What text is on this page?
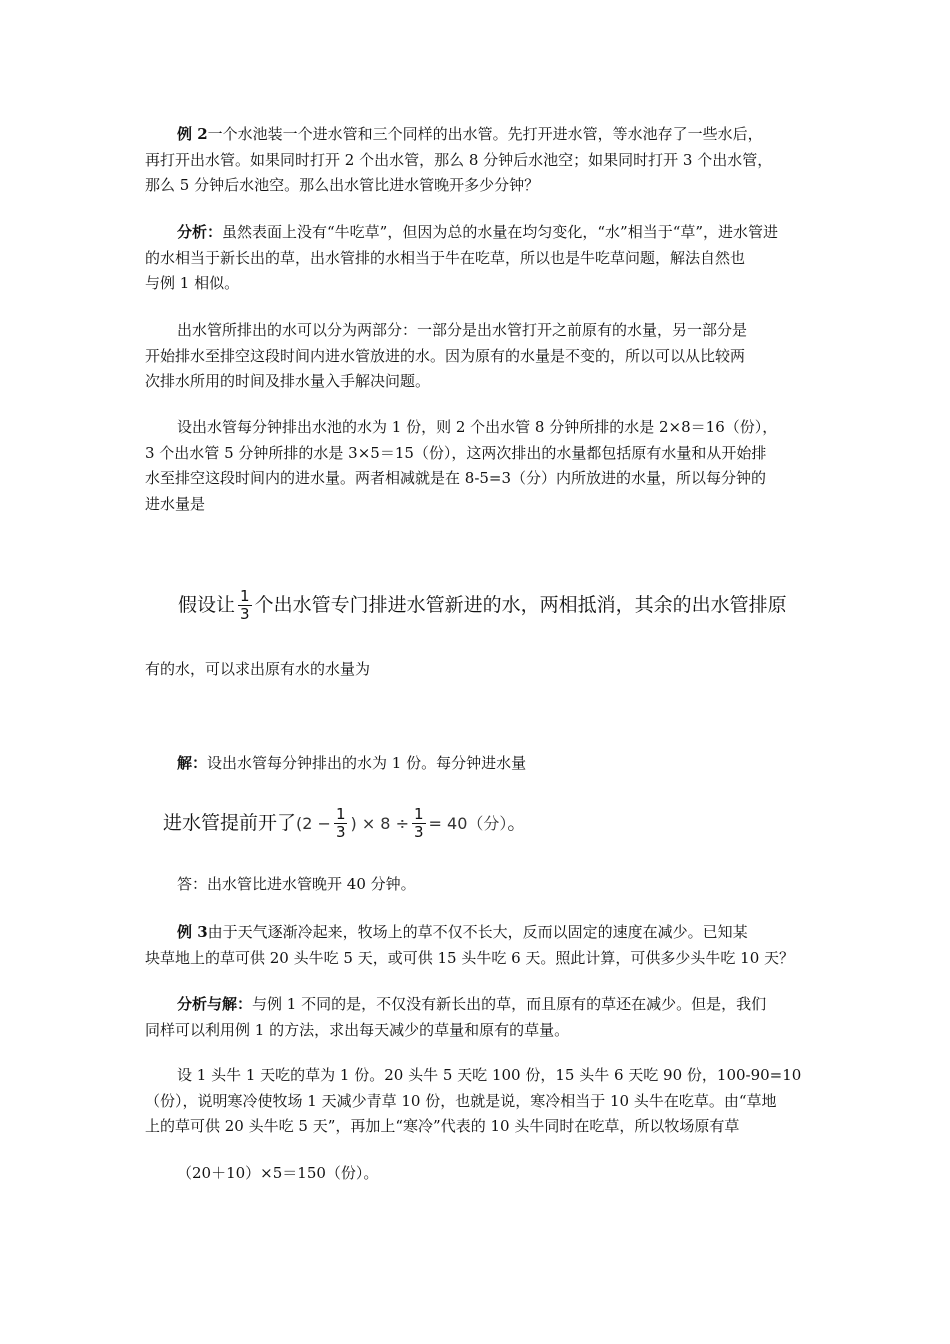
例 2一个水池装一个进水管和三个同样的出水管。先打开进水管，等水池存了一些水后，
再打开出水管。如果同时打开 2 个出水管，那么 8 分钟后水池空；如果同时打开 3 个出水管，
那么 5 分钟后水池空。那么出水管比进水管晚开多少分钟？
分析：虽然表面上没有“牛吃草”，但因为总的水量在均匀变化，“水”相当于“草”，进水管进
的水相当于新长出的草，出水管排的水相当于牛在吃草，所以也是牛吃草问题，解法自然也
与例 1 相似。
出水管所排出的水可以分为两部分：一部分是出水管打开之前原有的水量，另一部分是
开始排水至排空这段时间内进水管放进的水。因为原有的水量是不变的，所以可以从比较两
次排水所用的时间及排水量入手解决问题。
设出水管每分钟排出水池的水为 1 份，则 2 个出水管 8 分钟所排的水是 2×8＝16（份），
3 个出水管 5 分钟所排的水是 3×5＝15（份），这两次排出的水量都包括原有水量和从开始排
水至排空这段时间内的进水量。两者相减就是在 8-5=3（分）内所放进的水量，所以每分钟的
进水量是
假设让 $\frac{1}{3}$ 个出水管专门排进水管新进的水，两相抵消，其余的出水管排原
有的水，可以求出原有水的水量为
解：设出水管每分钟排出的水为 1 份。每分钟进水量
进水管提前开了($2 - \frac{1}{3}$ ) × $8 \div \frac{1}{3} = 40$（分）。
答：出水管比进水管晚开 40 分钟。
例 3由于天气逐渐冷起来，牧场上的草不仅不长大，反而以固定的速度在减少。已知某
块草地上的草可供 20 头牛吃 5 天，或可供 15 头牛吃 6 天。照此计算，可供多少头牛吃 10 天？
分析与解：与例 1 不同的是，不仅没有新长出的草，而且原有的草还在减少。但是，我们
同样可以利用例 1 的方法，求出每天减少的草量和原有的草量。
设 1 头牛 1 天吃的草为 1 份。20 头牛 5 天吃 100 份，15 头牛 6 天吃 90 份，100-90=10
（份），说明寒冷使牧场 1 天减少青草 10 份，也就是说，寒冷相当于 10 头牛在吃草。由“草地
上的草可供 20 头牛吃 5 天”，再加上“寒冷”代表的 10 头牛同时在吃草，所以牧场原有草
（20＋10）×5＝150（份）。
